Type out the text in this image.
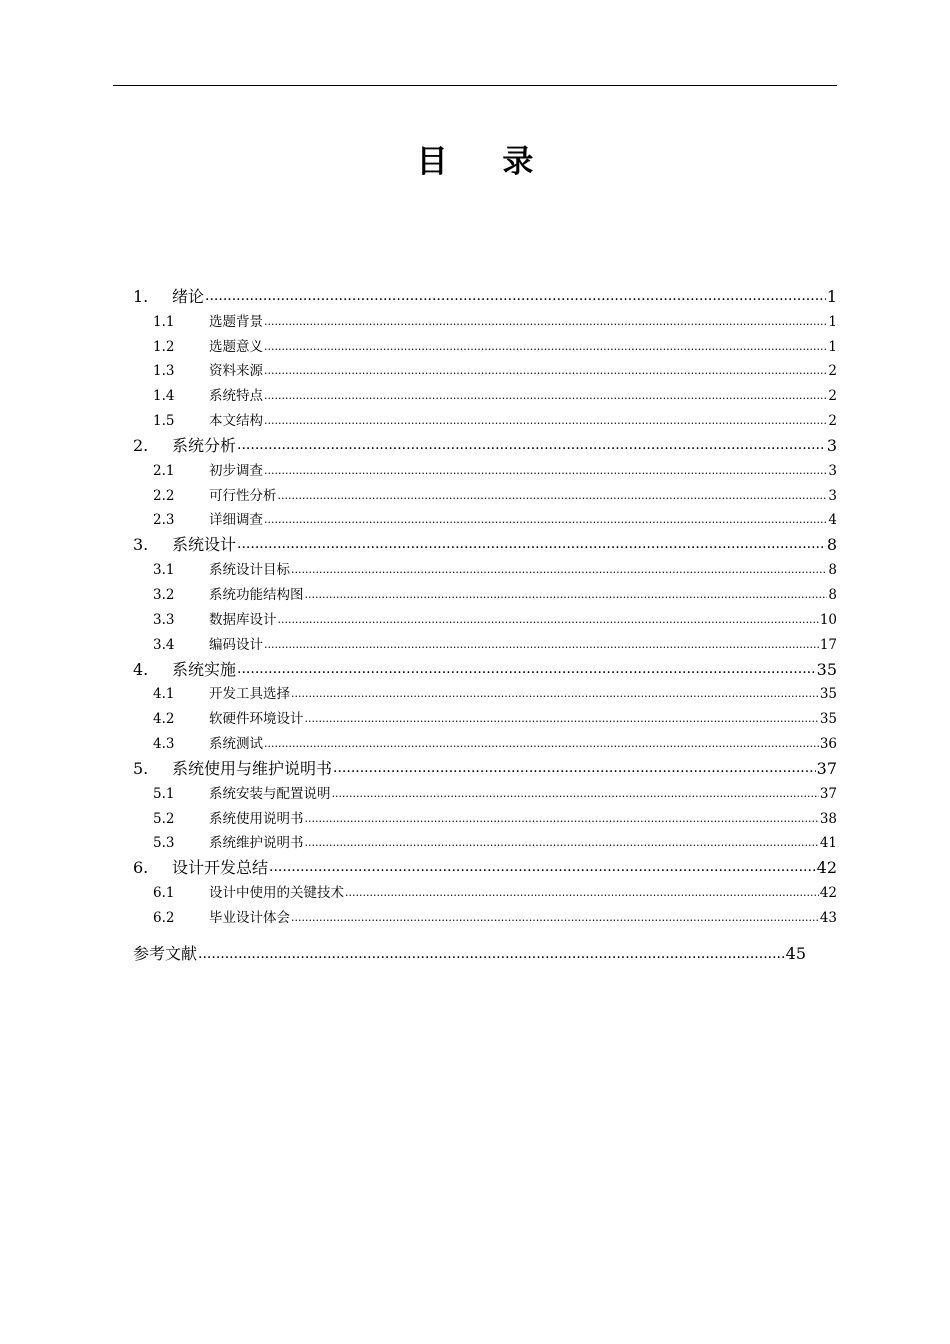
目 录
1.	绪论 .....	1
1.1	选题背景 .....	1
1.2	选题意义 .....	1
1.3	资料来源 .....	2
1.4	系统特点 .....	2
1.5	本文结构 .....	2
2.	系统分析 .....	3
2.1	初步调查 .....	3
2.2	可行性分析 .....	3
2.3	详细调查 .....	4
3.	系统设计 .....	8
3.1	系统设计目标 .....	8
3.2	系统功能结构图 .....	8
3.3	数据库设计 .....	10
3.4	编码设计 .....	17
4.	系统实施 .....	35
4.1	开发工具选择 .....	35
4.2	软硬件环境设计 .....	35
4.3	系统测试 .....	36
5.	系统使用与维护说明书 .....	37
5.1	系统安装与配置说明 .....	37
5.2	系统使用说明书 .....	38
5.3	系统维护说明书 .....	41
6.	设计开发总结 .....	42
6.1	设计中使用的关键技术 .....	42
6.2	毕业设计体会 .....	43
参考文献 .....	45
